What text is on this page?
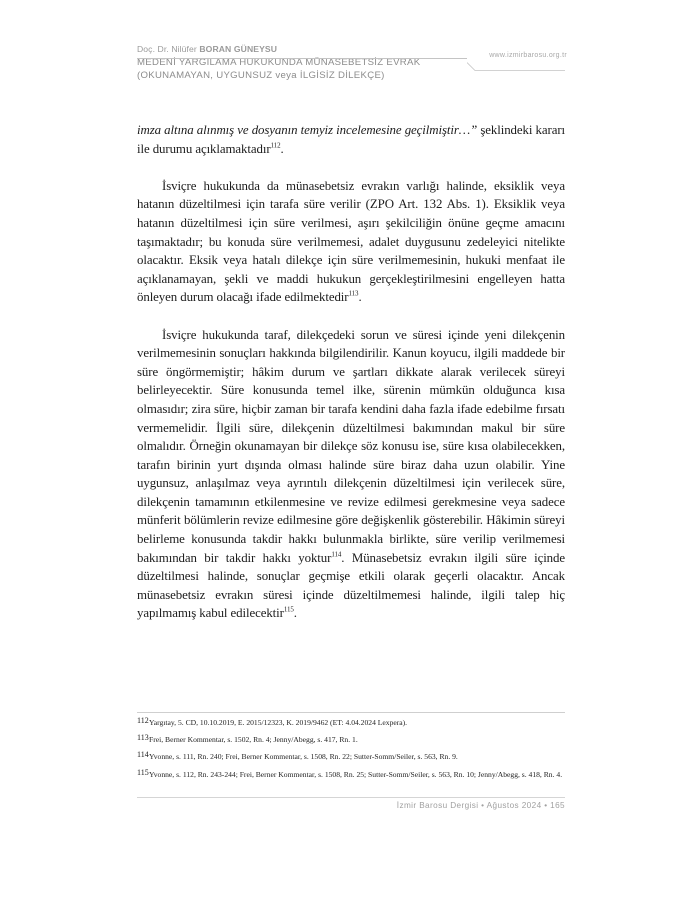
Doç. Dr. Nilüfer BORAN GÜNEYSU
www.izmirbarosu.org.tr
MEDENİ YARGILAMA HUKUKUNDA MÜNASEBETSİZ EVRAK
(OKUNAMAYAN, UYGUNSUZ veya İLGİSİZ DİLEKÇE)

imza altına alınmış ve dosyanın temyiz incelemesine geçilmiştir…” şeklindeki kararı ile durumu açıklamaktadır$^{112}$.

İsviçre hukukunda da münasebetsiz evrakın varlığı halinde, eksiklik veya hatanın düzeltilmesi için tarafa süre verilir (ZPO Art. 132 Abs. 1). Eksiklik veya hatanın düzeltilmesi için süre verilmesi, aşırı şekilciliğin önüne geçme amacını taşımaktadır; bu konuda süre verilmemesi, adalet duygusunu zedeleyici nitelikte olacaktır. Eksik veya hatalı dilekçe için süre verilmemesinin, hukuki menfaat ile açıklanamayan, şekli ve maddi hukukun gerçekleştirilmesini engelleyen hatta önleyen durum olacağı ifade edilmektedir$^{113}$.

İsviçre hukukunda taraf, dilekçedeki sorun ve süresi içinde yeni dilekçenin verilmemesinin sonuçları hakkında bilgilendirilir. Kanun koyucu, ilgili maddede bir süre öngörmemiştir; hâkim durum ve şartları dikkate alarak verilecek süreyi belirleyecektir. Süre konusunda temel ilke, sürenin mümkün olduğunca kısa olmasıdır; zira süre, hiçbir zaman bir tarafa kendini daha fazla ifade edebilme fırsatı vermemelidir. İlgili süre, dilekçenin düzeltilmesi bakımından makul bir süre olmalıdır. Örneğin okunamayan bir dilekçe söz konusu ise, süre kısa olabilecekken, tarafın birinin yurt dışında olması halinde süre biraz daha uzun olabilir. Yine uygunsuz, anlaşılmaz veya ayrıntılı dilekçenin düzeltilmesi için verilecek süre, dilekçenin tamamının etkilenmesine ve revize edilmesi gerekmesine veya sadece münferit bölümlerin revize edilmesine göre değişkenlik gösterebilir. Hâkimin süreyi belirleme konusunda takdir hakkı bulunmakla birlikte, süre verilip verilmemesi bakımından bir takdir hakkı yoktur$^{114}$. Münasebetsiz evrakın ilgili süre içinde düzeltilmesi halinde, sonuçlar geçmişe etkili olarak geçerli olacaktır. Ancak münasebetsiz evrakın süresi içinde düzeltilmemesi halinde, ilgili talep hiç yapılmamış kabul edilecektir$^{115}$.

112 Yargıtay, 5. CD, 10.10.2019, E. 2015/12323, K. 2019/9462 (ET: 4.04.2024 Lexpera).
113 Frei, Berner Kommentar, s. 1502, Rn. 4; Jenny/Abegg, s. 417, Rn. 1.
114 Yvonne, s. 111, Rn. 240; Frei, Berner Kommentar, s. 1508, Rn. 22; Sutter-Somm/Seiler, s. 563, Rn. 9.
115 Yvonne, s. 112, Rn. 243-244; Frei, Berner Kommentar, s. 1508, Rn. 25; Sutter-Somm/Seiler, s. 563, Rn. 10; Jenny/Abegg, s. 418, Rn. 4.
İzmir Barosu Dergisi • Ağustos 2024 • 165
